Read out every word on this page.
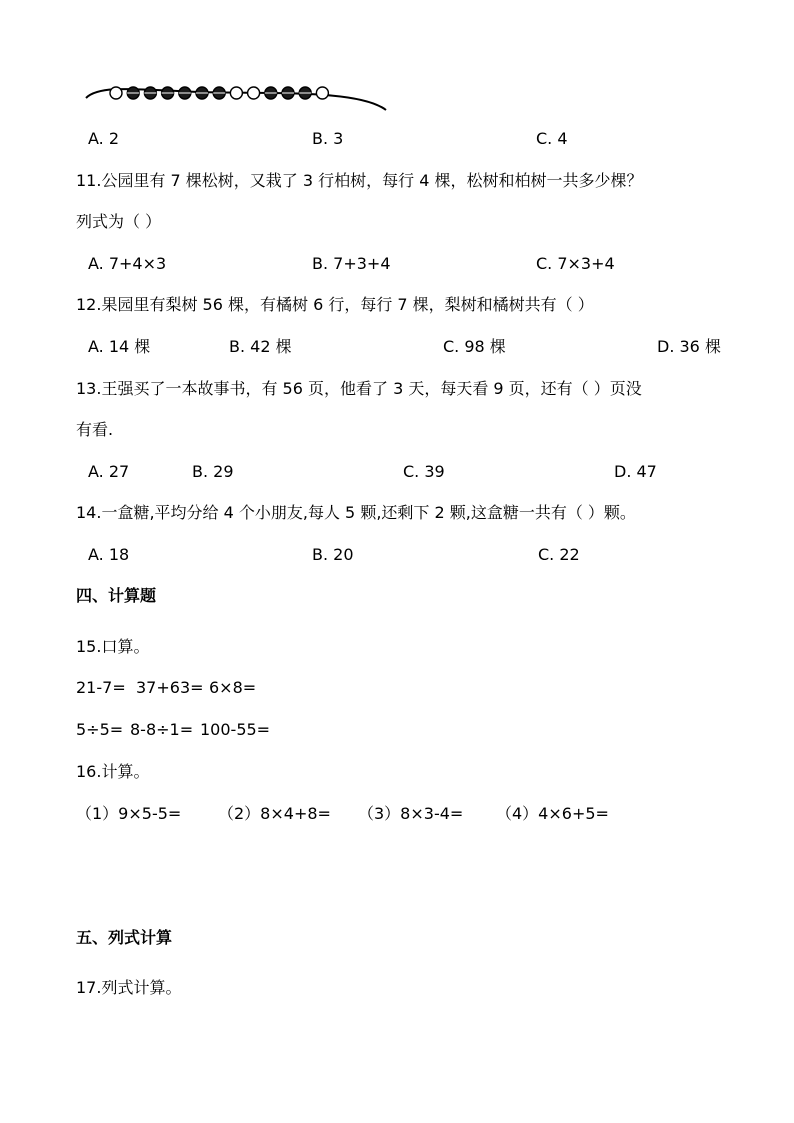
A. 2	B. 3	C. 4
11.公园里有 7 棵松树，又栽了 3 行柏树，每行 4 棵，松树和柏树一共多少棵？
列式为（ ）
A. 7+4×3	B. 7+3+4	C. 7×3+4
12.果园里有梨树 56 棵，有橘树 6 行，每行 7 棵，梨树和橘树共有（ ）
A. 14 棵	B. 42 棵	C. 98 棵	D. 36 棵
13.王强买了一本故事书，有 56 页，他看了 3 天，每天看 9 页，还有（ ）页没
有看.
A. 27	B. 29	C. 39	D. 47
14.一盒糖,平均分给 4 个小朋友,每人 5 颗,还剩下 2 颗,这盒糖一共有（ ）颗。
A. 18	B. 20	C. 22
四、计算题
15.口算。
21-7= 37+63= 6×8=
5÷5= 8-8÷1= 100-55=
16.计算。
（1）9×5-5= （2）8×4+8= （3）8×3-4= （4）4×6+5=
五、列式计算
17.列式计算。
